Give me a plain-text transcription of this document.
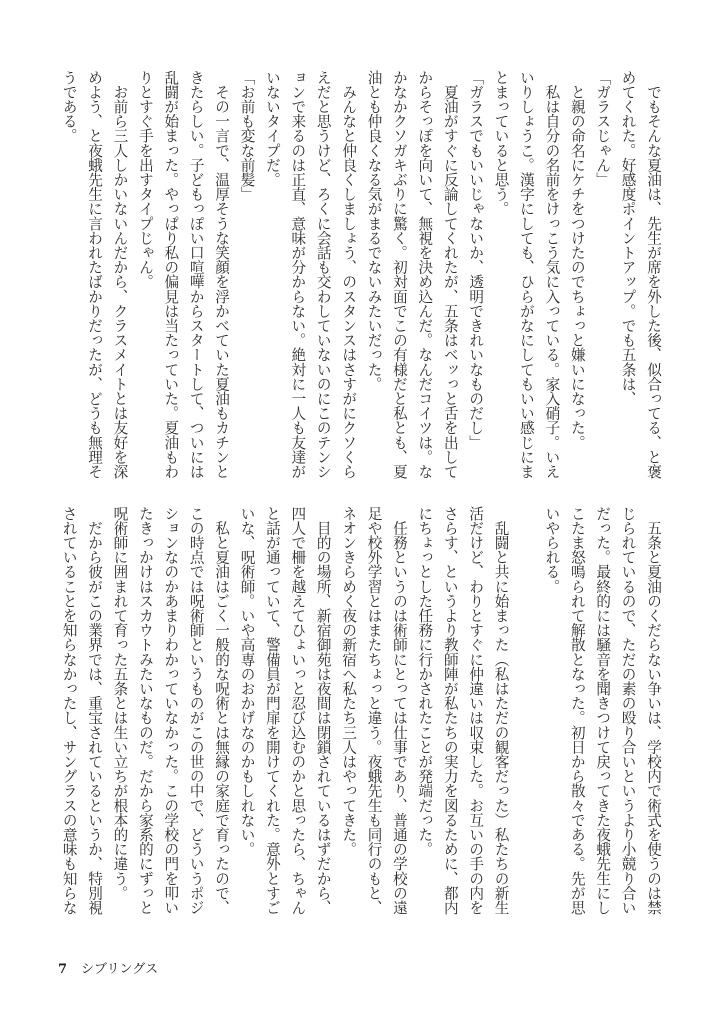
　でもそんな夏油は、先生が席を外した後、似合ってる、と褒
めてくれた。好感度ポイントアップ。でも五条は、
「ガラスじゃん」
　と親の命名にケチをつけたのでちょっと嫌いになった。
　私は自分の名前をけっこう気に入っている。家入硝子。いえ
いりしょうこ。漢字にしても、ひらがなにしてもいい感じにま
とまっていると思う。
「ガラスでもいいじゃないか、透明できれいなものだし」
　夏油がすぐに反論してくれたが、五条はベッっと舌を出して
からそっぽを向いて、無視を決め込んだ。なんだコイツは。な
かなかクソガキぶりに驚く。初対面でこの有様だと私とも、夏
油とも仲良くなる気がまるでないみたいだった。
　みんなと仲良くしましょう、のスタンスはさすがにクソくら
えだと思うけど、ろくに会話も交わしていないのにこのテンシ
ョンで来るのは正直、意味が分からない。絶対に一人も友達が
いないタイプだ。
「お前も変な前髪」
　その一言で、温厚そうな笑顔を浮かべていた夏油もカチンと
きたらしい。子どもっぽい口喧嘩からスタートして、ついには
乱闘が始まった。やっぱり私の偏見は当たっていた。夏油もわ
りとすぐ手を出すタイプじゃん。
　お前ら三人しかいないんだから、クラスメイトとは友好を深
めよう、と夜蛾先生に言われたばかりだったが、どうも無理そ
うである。
　五条と夏油のくだらない争いは、学校内で術式を使うのは禁
じられているので、ただの素の殴り合いというより小競り合い
だった。最終的には騒音を聞きつけて戻ってきた夜蛾先生にし
こたま怒鳴られて解散となった。初日から散々である。先が思
いやられる。

　乱闘と共に始まった（私はただの観客だった）私たちの新生
活だけど、わりとすぐに仲違いは収束した。お互いの手の内を
さらす、というより教師陣が私たちの実力を図るために、都内
にちょっとした任務に行かされたことが発端だった。
　任務というのは術師にとっては仕事であり、普通の学校の遠
足や校外学習とはまたちょっと違う。夜蛾先生も同行のもと、
ネオンきらめく夜の新宿へ私たち三人はやってきた。
　目的の場所、新宿御苑は夜間は閉鎖されているはずだから、
四人で柵を越えてひょいっと忍び込むのかと思ったら、ちゃん
と話が通っていて、警備員が門扉を開けてくれた。意外とすご
いな、呪術師。いや高専のおかげなのかもしれない。
　私と夏油はごく一般的な呪術とは無縁の家庭で育ったので、
この時点では呪術師というものがこの世の中で、どういうポジ
ションなのかあまりわかっていなかった。この学校の門を叩い
たきっかけはスカウトみたいなものだ。だから家系的にずっと
呪術師に囲まれて育った五条とは生い立ちが根本的に違う。
　だから彼がこの業界では、重宝されているというか、特別視
されていることを知らなかったし、サングラスの意味も知らな
7 シブリングス
